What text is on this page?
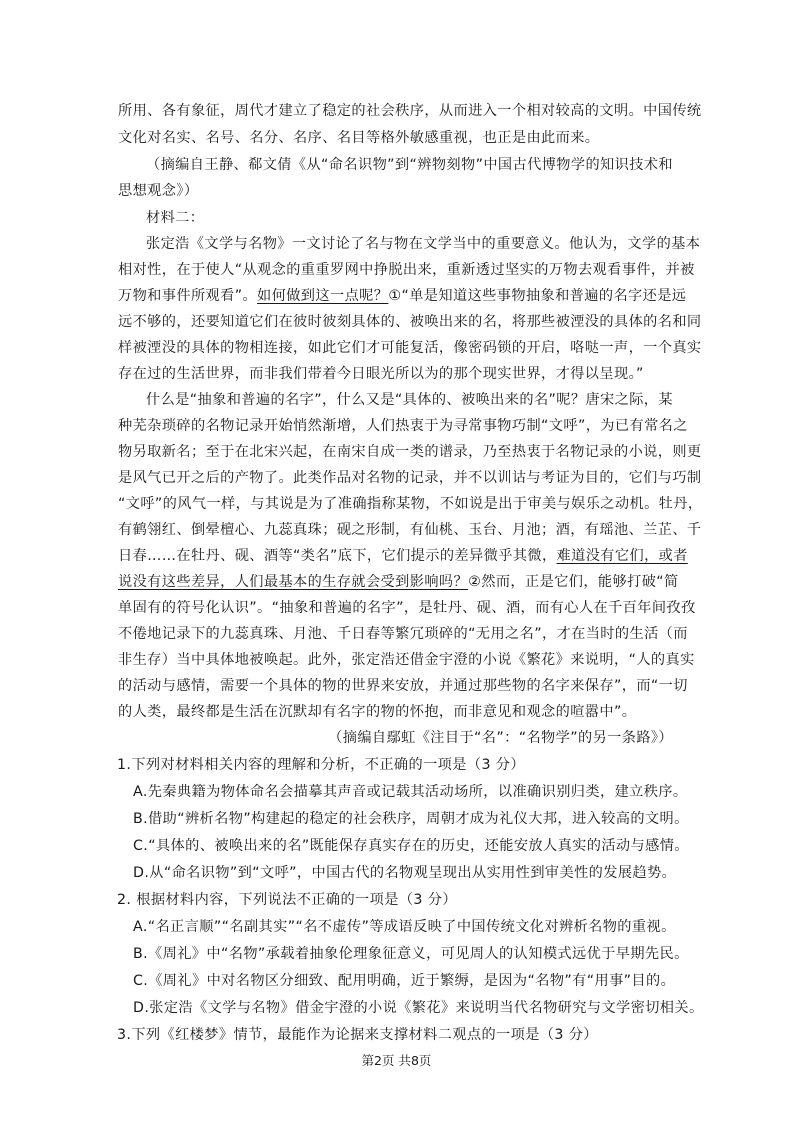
所用、各有象征，周代才建立了稳定的社会秩序，从而进入一个相对较高的文明。中国传统
文化对名实、名号、名分、名序、名目等格外敏感重视，也正是由此而来。
（摘编自王静、郗文倩《从“命名识物”到“辨物刻物”中国古代博物学的知识技术和
思想观念》）
材料二：
张定浩《文学与名物》一文讨论了名与物在文学当中的重要意义。他认为，文学的基本
相对性，在于使人“从观念的重重罗网中挣脱出来，重新透过坚实的万物去观看事件，并被
万物和事件所观看”。如何做到这一点呢？①“单是知道这些事物抽象和普遍的名字还是远
远不够的，还要知道它们在彼时彼刻具体的、被唤出来的名，将那些被湮没的具体的名和同
样被湮没的具体的物相连接，如此它们才可能复活，像密码锁的开启，咯哒一声，一个真实
存在过的生活世界，而非我们带着今日眼光所以为的那个现实世界，才得以呈现。”
什么是“抽象和普遍的名字”，什么又是“具体的、被唤出来的名”呢？唐宋之际，某
种芜杂琐碎的名物记录开始悄然渐增，人们热衷于为寻常事物巧制“文呼”，为已有常名之
物另取新名；至于在北宋兴起，在南宋自成一类的谱录，乃至热衷于名物记录的小说，则更
是风气已开之后的产物了。此类作品对名物的记录，并不以训诂与考证为目的，它们与巧制
“文呼”的风气一样，与其说是为了准确指称某物，不如说是出于审美与娱乐之动机。牡丹，
有鹤翎红、倒晕檀心、九蕊真珠；砚之形制，有仙桃、玉台、月池；酒，有瑶池、兰芷、千
日春……在牡丹、砚、酒等“类名”底下，它们提示的差异微乎其微，难道没有它们，或者
说没有这些差异，人们最基本的生存就会受到影响吗？②然而，正是它们，能够打破“简
单固有的符号化认识”。“抽象和普遍的名字”，是牡丹、砚、酒，而有心人在千百年间孜孜
不倦地记录下的九蕊真珠、月池、千日春等繁冗琐碎的“无用之名”，才在当时的生活（而
非生存）当中具体地被唤起。此外，张定浩还借金宇澄的小说《繁花》来说明，“人的真实
的活动与感情，需要一个具体的物的世界来安放，并通过那些物的名字来保存”，而“一切
的人类，最终都是生活在沉默却有名字的物的怀抱，而非意见和观念的喧嚣中”。
（摘编自鄢虹《注目于“名”：“名物学”的另一条路》）
1.下列对材料相关内容的理解和分析，不正确的一项是（3 分）
A.先秦典籍为物体命名会描摹其声音或记载其活动场所，以准确识别归类，建立秩序。
B.借助“辨析名物”构建起的稳定的社会秩序，周朝才成为礼仪大邦，进入较高的文明。
C.“具体的、被唤出来的名”既能保存真实存在的历史，还能安放人真实的活动与感情。
D.从“命名识物”到“文呼”，中国古代的名物观呈现出从实用性到审美性的发展趋势。
2. 根据材料内容，下列说法不正确的一项是（3 分）
A.“名正言顺”“名副其实”“名不虚传”等成语反映了中国传统文化对辨析名物的重视。
B.《周礼》中“名物”承载着抽象伦理象征意义，可见周人的认知模式远优于早期先民。
C.《周礼》中对名物区分细致、配用明确，近于繁缛，是因为“名物”有“用事”目的。
D.张定浩《文学与名物》借金宇澄的小说《繁花》来说明当代名物研究与文学密切相关。
3.下列《红楼梦》情节，最能作为论据来支撑材料二观点的一项是（3 分）
第2页 共8页
